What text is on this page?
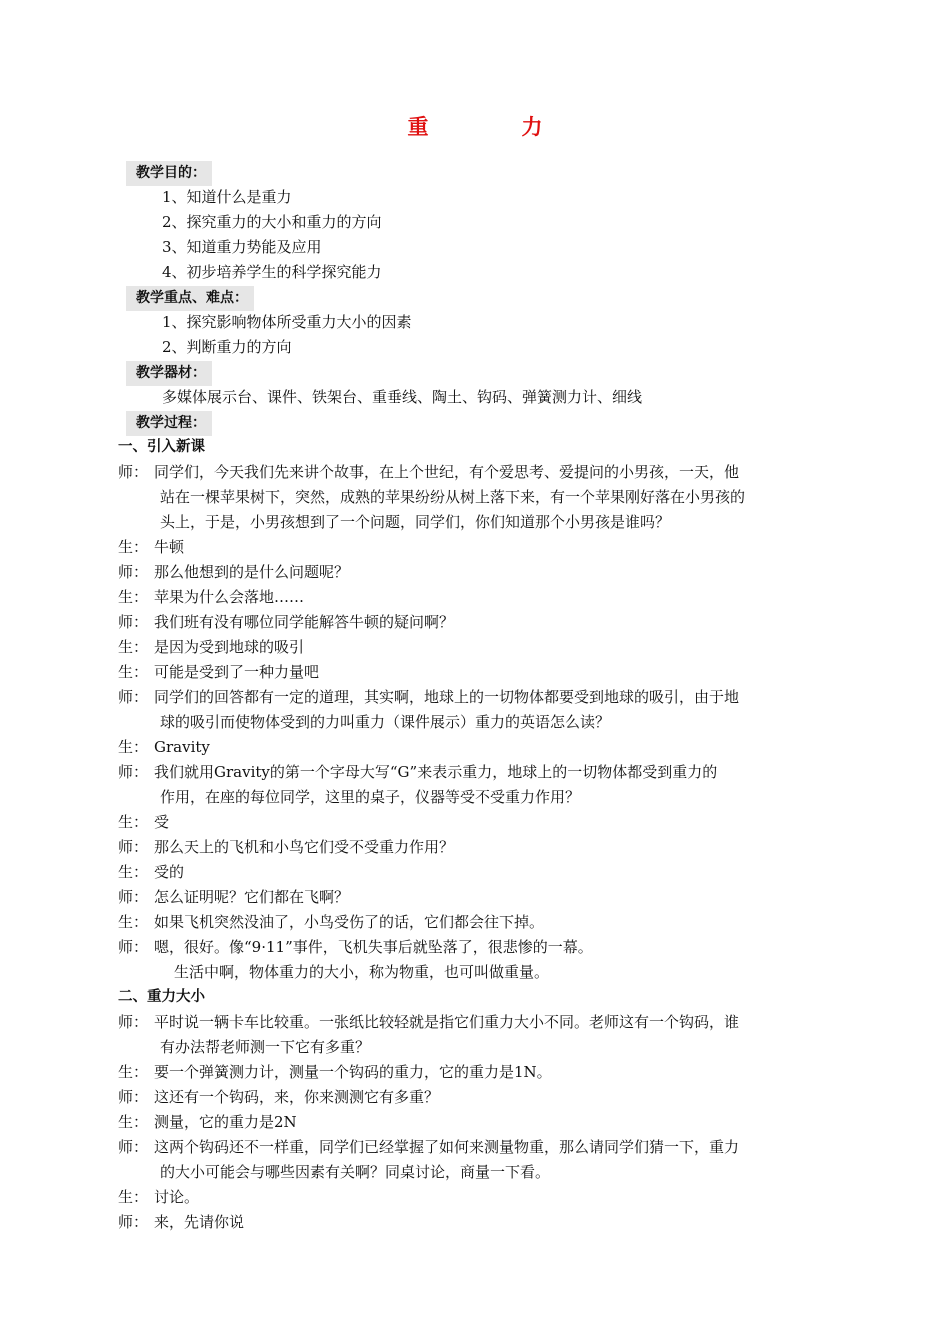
重　力
教学目的：
1、知道什么是重力
2、探究重力的大小和重力的方向
3、知道重力势能及应用
4、初步培养学生的科学探究能力
教学重点、难点：
1、探究影响物体所受重力大小的因素
2、判断重力的方向
教学器材：
多媒体展示台、课件、铁架台、重垂线、陶土、钩码、弹簧测力计、细线
教学过程：
一、引入新课
师： 同学们，今天我们先来讲个故事，在上个世纪，有个爱思考、爱提问的小男孩，一天，他
站在一棵苹果树下，突然，成熟的苹果纷纷从树上落下来，有一个苹果刚好落在小男孩的
头上，于是，小男孩想到了一个问题，同学们，你们知道那个小男孩是谁吗？
生： 牛顿
师： 那么他想到的是什么问题呢？
生： 苹果为什么会落地……
师： 我们班有没有哪位同学能解答牛顿的疑问啊？
生： 是因为受到地球的吸引
生： 可能是受到了一种力量吧
师： 同学们的回答都有一定的道理，其实啊，地球上的一切物体都要受到地球的吸引，由于地
球的吸引而使物体受到的力叫重力（课件展示）重力的英语怎么读？
生： Gravity
师： 我们就用Gravity的第一个字母大写“G”来表示重力，地球上的一切物体都受到重力的
作用，在座的每位同学，这里的桌子，仪器等受不受重力作用？
生： 受
师： 那么天上的飞机和小鸟它们受不受重力作用？
生： 受的
师： 怎么证明呢？它们都在飞啊？
生： 如果飞机突然没油了，小鸟受伤了的话，它们都会往下掉。
师： 嗯，很好。像“9·11”事件，飞机失事后就坠落了，很悲惨的一幕。
生活中啊，物体重力的大小，称为物重，也可叫做重量。
二、重力大小
师： 平时说一辆卡车比较重。一张纸比较轻就是指它们重力大小不同。老师这有一个钩码，谁
有办法帮老师测一下它有多重？
生： 要一个弹簧测力计，测量一个钩码的重力，它的重力是1N。
师： 这还有一个钩码，来，你来测测它有多重？
生： 测量，它的重力是2N
师： 这两个钩码还不一样重，同学们已经掌握了如何来测量物重，那么请同学们猜一下，重力
的大小可能会与哪些因素有关啊？同桌讨论，商量一下看。
生： 讨论。
师： 来，先请你说
